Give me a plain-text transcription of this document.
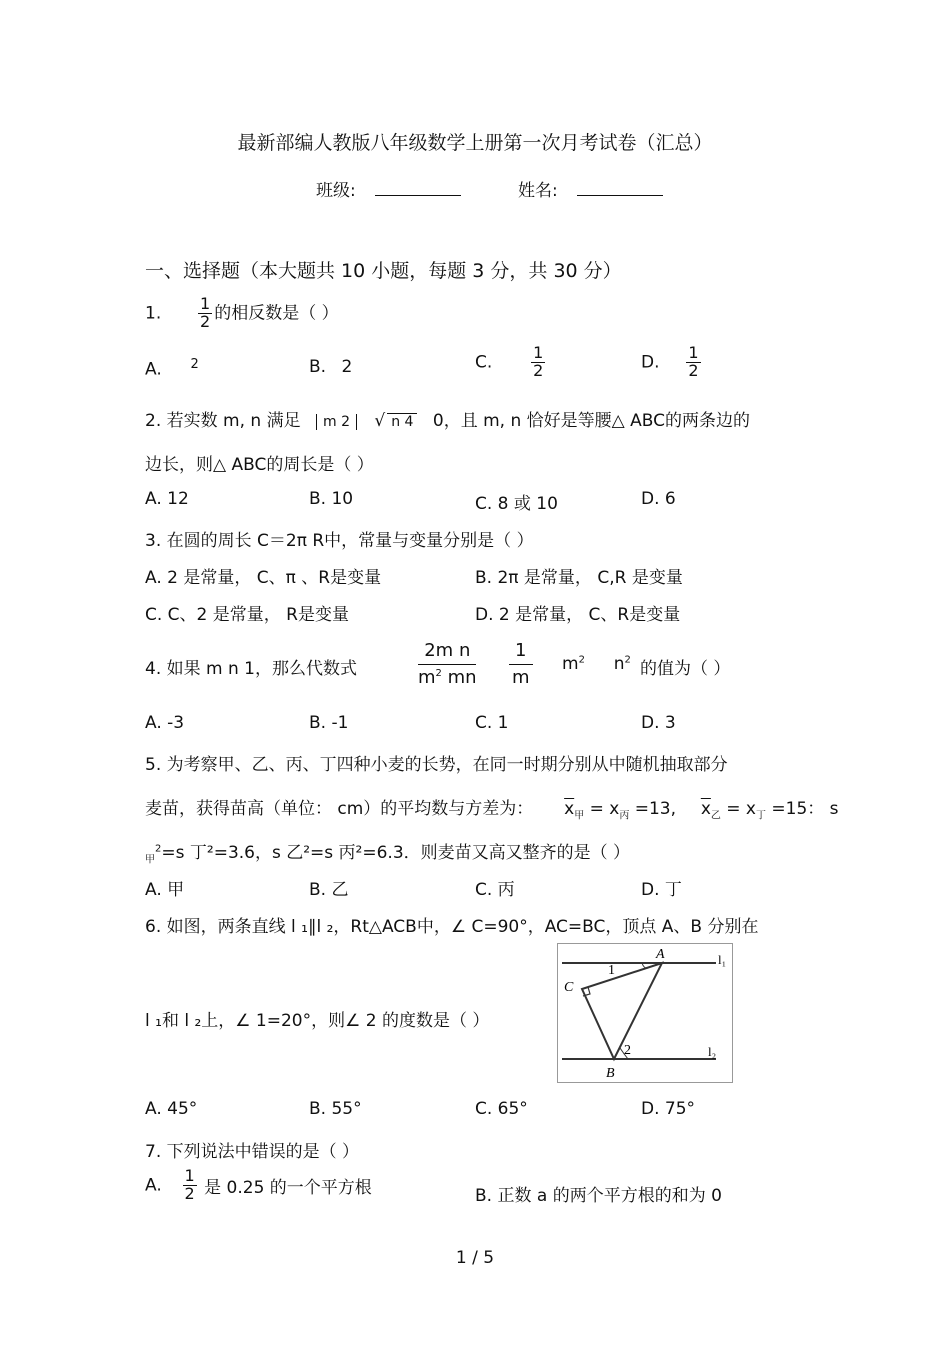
最新部编人教版八年级数学上册第一次月考试卷（汇总）
班级:	姓名:
一、选择题（本大题共 10 小题，每题 3 分，共 30 分）
1. $\frac{1}{2}$ 的相反数是（ ）
A. $^2$	B. 2	C. $\frac{1}{2}$	D. $\frac{1}{2}$
2. 若实数 m, n 满足 m 2 √ n 4 0，且 m, n 恰好是等腰△ ABC的两条边的
边长，则△ ABC的周长是（ ）
A. 12	B. 10	C. 8 或 10	D. 6
3. 在圆的周长 C＝2π R中，常量与变量分别是（ ）
A. 2 是常量， C、π 、R是变量	B. 2π 是常量， C,R 是变量
C. C、2 是常量， R是变量	D. 2 是常量， C、R是变量
4. 如果 m n 1，那么代数式	$\frac{\text{2m n}}{m^2 mn} \frac{1}{m} m^2$ $n^2$ 的值为（ ）
A. -3	B. -1	C. 1	D. 3
5. 为考察甲、乙、丙、丁四种小麦的长势，在同一时期分别从中随机抽取部分
麦苗，获得苗高（单位： cm）的平均数与方差为： $\overline{x}_甲 = x_丙 =13$, $\overline{x}_乙 = x_丁 =15$： s
$_甲^2$=s 丁²=3.6，s 乙²=s 丙²=6.3．则麦苗又高又整齐的是（ ）
A. 甲	B. 乙	C. 丙	D. 丁
6. 如图，两条直线 l ₁∥l ₂，Rt△ACB中，∠ C=90°，AC=BC，顶点 A、B 分别在
l ₁和 l ₂上，∠ 1=20°，则∠ 2 的度数是（ ）
A
C
B
1
2
l₁
l₂
A. 45°	B. 55°	C. 65°	D. 75°
7. 下列说法中错误的是（ ）
A. $\frac{1}{2}$ 是 0.25 的一个平方根	B. 正数 a 的两个平方根的和为 0
1 / 5
